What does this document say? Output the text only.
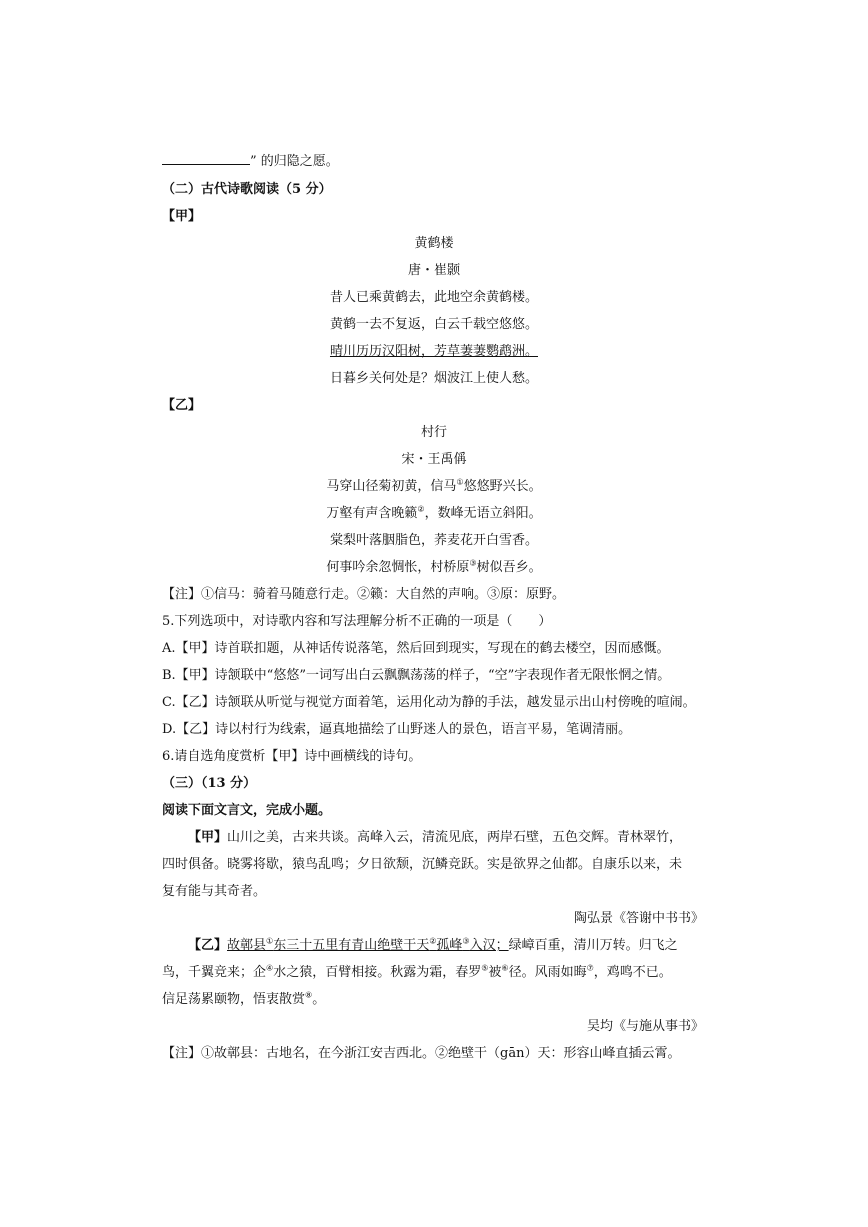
” 的归隐之愿。
（二）古代诗歌阅读（5 分）
【甲】
黄鹤楼
唐・崔颢
昔人已乘黄鹤去，此地空余黄鹤楼。
黄鹤一去不复返，白云千载空悠悠。
晴川历历汉阳树，芳草萋萋鹦鹉洲。
日暮乡关何处是？烟波江上使人愁。
【乙】
村行
宋・王禹偁
马穿山径菊初黄，信马①悠悠野兴长。
万壑有声含晚籁②，数峰无语立斜阳。
棠梨叶落胭脂色，荞麦花开白雪香。
何事吟余忽惆怅，村桥原③树似吾乡。
【注】①信马：骑着马随意行走。②籁：大自然的声响。③原：原野。
5.下列选项中，对诗歌内容和写法理解分析不正确的一项是（　　）
A.【甲】诗首联扣题，从神话传说落笔，然后回到现实，写现在的鹤去楼空，因而感慨。
B.【甲】诗颔联中“悠悠”一词写出白云飘飘荡荡的样子，“空”字表现作者无限怅惘之情。
C.【乙】诗颔联从听觉与视觉方面着笔，运用化动为静的手法，越发显示出山村傍晚的喧闹。
D.【乙】诗以村行为线索，逼真地描绘了山野迷人的景色，语言平易，笔调清丽。
6.请自选角度赏析【甲】诗中画横线的诗句。
（三）（13 分）
阅读下面文言文，完成小题。
【甲】山川之美，古来共谈。高峰入云，清流见底，两岸石壁，五色交辉。青林翠竹，
四时俱备。晓雾将歇，猿鸟乱鸣；夕日欲颓，沉鳞竞跃。实是欲界之仙都。自康乐以来，未
复有能与其奇者。
陶弘景《答谢中书书》
【乙】故鄣县①东三十五里有青山绝壁干天②孤峰③入汉；绿嶂百重，清川万转。归飞之
鸟，千翼竞来；企④水之猿，百臂相接。秋露为霜，春罗⑤被⑥径。风雨如晦⑦，鸡鸣不已。
信足荡累颐物，悟衷散赏⑧。
吴均《与施从事书》
【注】①故鄣县：古地名，在今浙江安吉西北。②绝壁干（gān）天：形容山峰直插云霄。
